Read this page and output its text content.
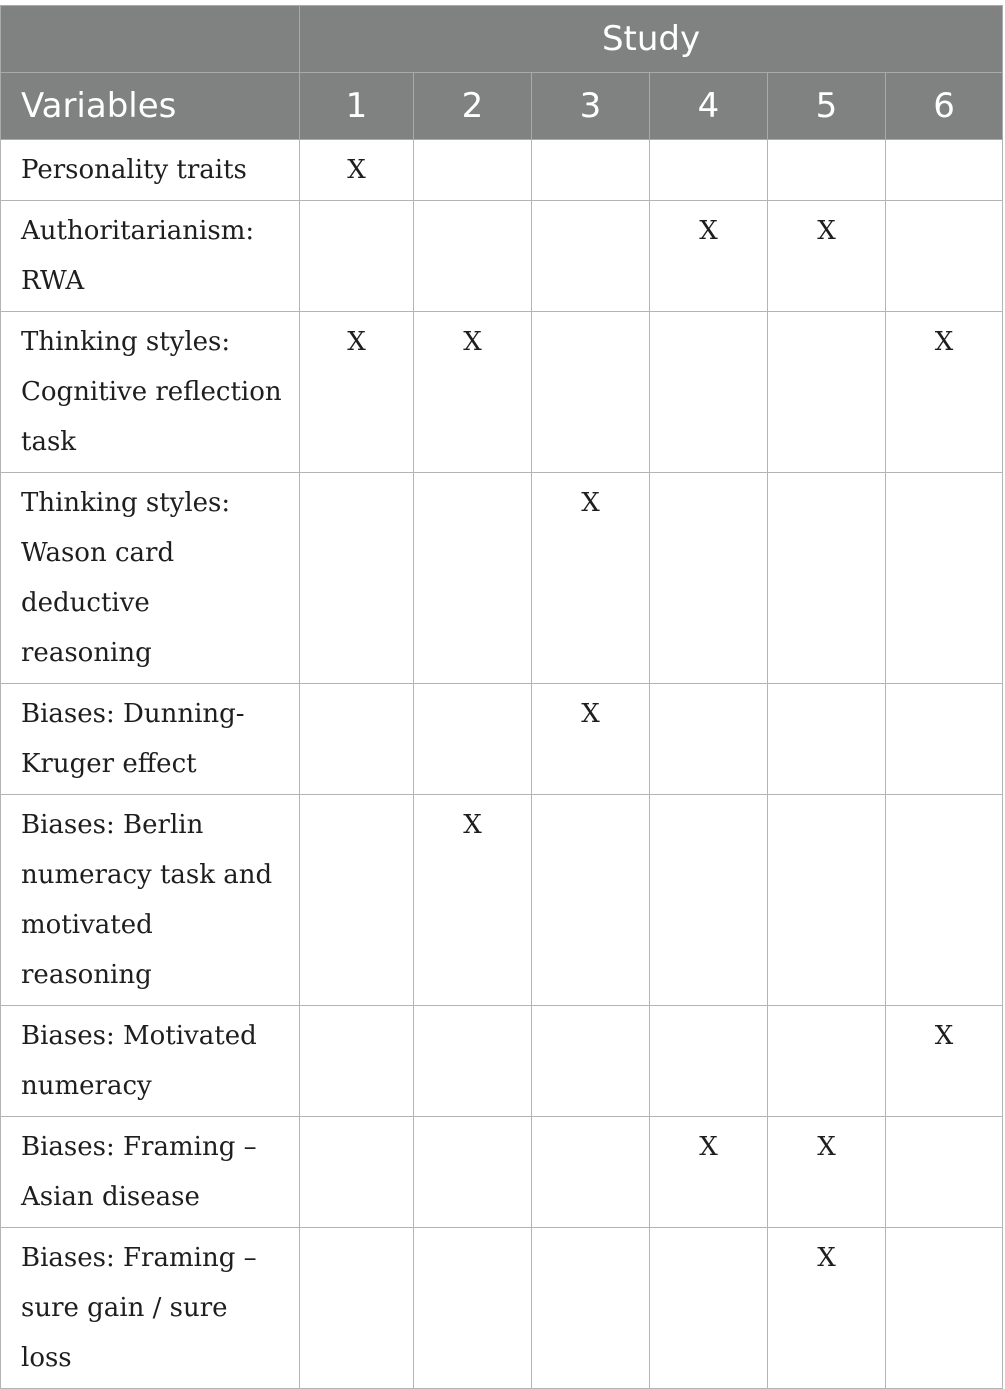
	Study					
Variables	1	2	3	4	5	6
Personality traits	X					
Authoritarianism: RWA				X	X	
Thinking styles: Cognitive reflection task	X	X				X
Thinking styles: Wason card deductive reasoning			X			
Biases: Dunning-Kruger effect			X			
Biases: Berlin numeracy task and motivated reasoning		X				
Biases: Motivated numeracy						X
Biases: Framing – Asian disease				X	X	
Biases: Framing – sure gain / sure loss					X	
